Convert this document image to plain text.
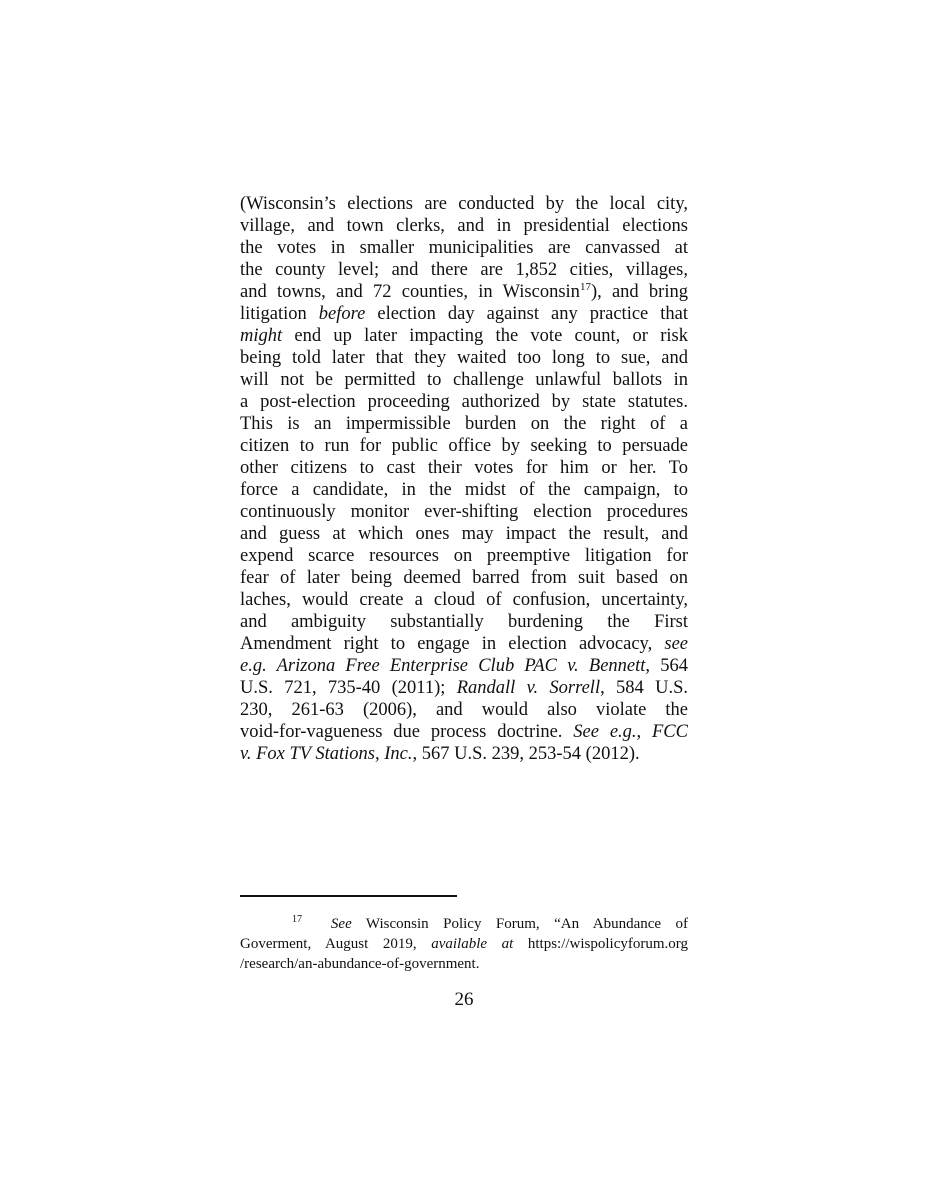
(Wisconsin’s elections are conducted by the local city,
village, and town clerks, and in presidential elections
the votes in smaller municipalities are canvassed at
the county level; and there are 1,852 cities, villages,
and towns, and 72 counties, in Wisconsin$^{17}$), and bring
litigation before election day against any practice that
might end up later impacting the vote count, or risk
being told later that they waited too long to sue, and
will not be permitted to challenge unlawful ballots in
a post-election proceeding authorized by state statutes.
This is an impermissible burden on the right of a
citizen to run for public office by seeking to persuade
other citizens to cast their votes for him or her. To
force a candidate, in the midst of the campaign, to
continuously monitor ever-shifting election procedures
and guess at which ones may impact the result, and
expend scarce resources on preemptive litigation for
fear of later being deemed barred from suit based on
laches, would create a cloud of confusion, uncertainty,
and ambiguity substantially burdening the First
Amendment right to engage in election advocacy, see
e.g. Arizona Free Enterprise Club PAC v. Bennett, 564
U.S. 721, 735-40 (2011); Randall v. Sorrell, 584 U.S.
230, 261-63 (2006), and would also violate the
void-for-vagueness due process doctrine. See e.g., FCC
v. Fox TV Stations, Inc., 567 U.S. 239, 253-54 (2012).
$^{17}$ See Wisconsin Policy Forum, “An Abundance of
Goverment, August 2019, available at https://wispolicyforum.org
/research/an-abundance-of-government.
26
